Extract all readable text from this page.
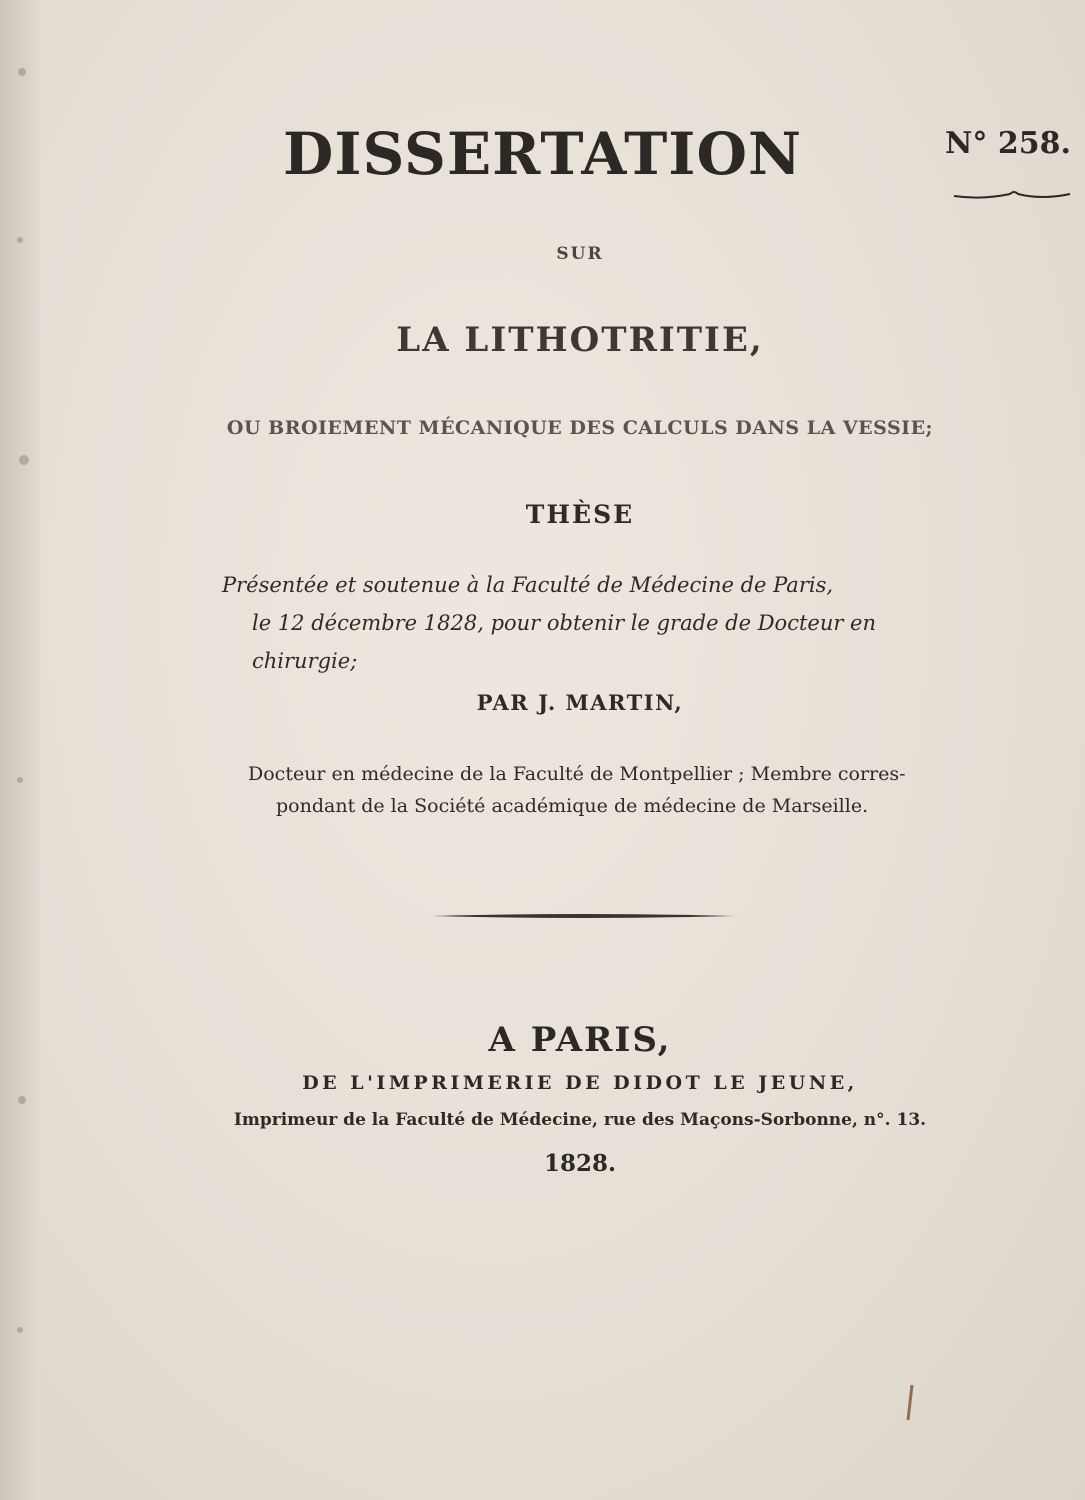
DISSERTATION	N° 258.
SUR
LA LITHOTRITIE,
OU BROIEMENT MÉCANIQUE DES CALCULS DANS LA VESSIE;
THÈSE
Présentée et soutenue à la Faculté de Médecine de Paris,
le 12 décembre 1828, pour obtenir le grade de Docteur en
chirurgie;
PAR J. MARTIN,
Docteur en médecine de la Faculté de Montpellier ; Membre corres-
pondant de la Société académique de médecine de Marseille.
A PARIS,
DE L'IMPRIMERIE DE DIDOT LE JEUNE,
Imprimeur de la Faculté de Médecine, rue des Maçons-Sorbonne, n°. 13.
1828.
